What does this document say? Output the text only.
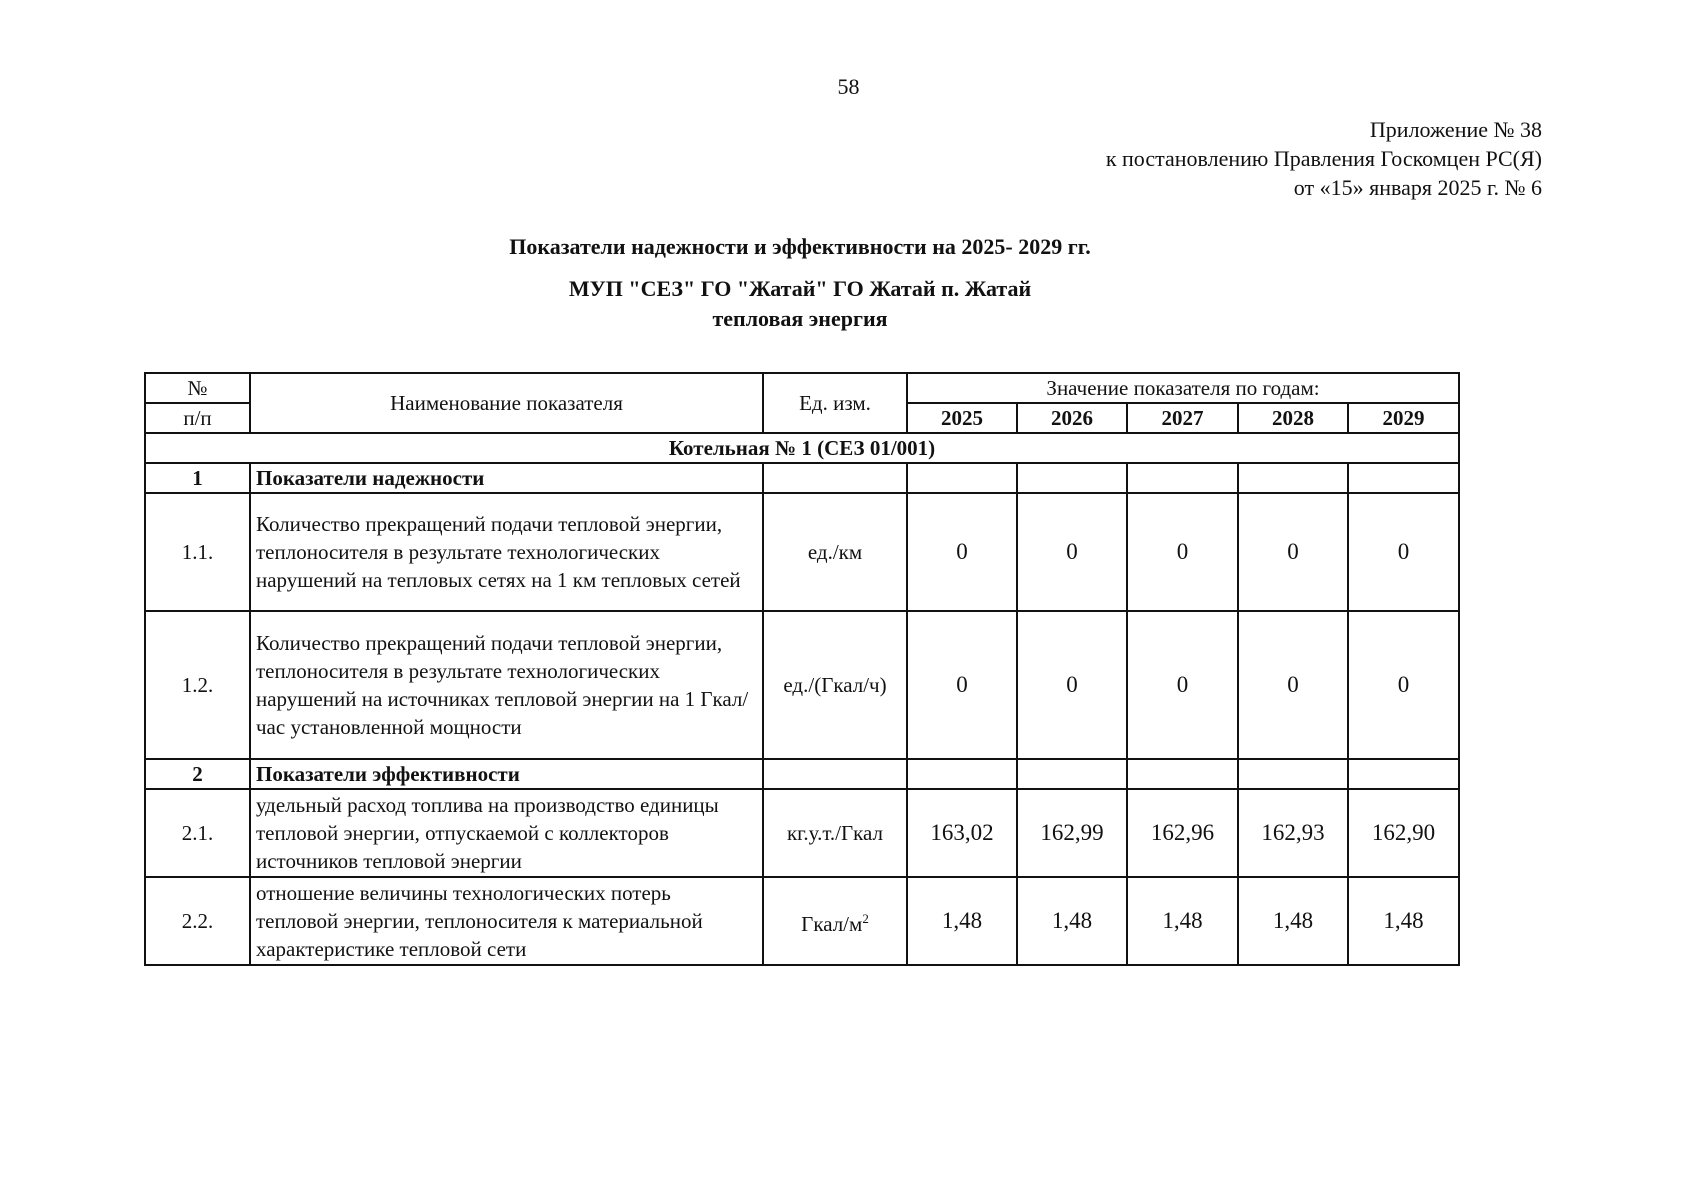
58
Приложение № 38
к постановлению Правления Госкомцен РС(Я)
от «15» января 2025 г. № 6
Показатели надежности и эффективности на 2025- 2029 гг.
МУП "СЕЗ" ГО "Жатай" ГО Жатай п. Жатай
тепловая энергия
№	Наименование показателя	Ед. изм.	Значение показателя по годам:				
п/п			2025	2026	2027	2028	2029
Котельная № 1 (СЕЗ 01/001)							
1	Показатели надежности						
1.1.	Количество прекращений подачи тепловой энергии, теплоносителя в результате технологических нарушений на тепловых сетях на 1 км тепловых сетей	ед./км	0	0	0	0	0
1.2.	Количество прекращений подачи тепловой энергии, теплоносителя в результате технологических нарушений на источниках тепловой энергии на 1 Гкал/час установленной мощности	ед./(Гкал/ч)	0	0	0	0	0
2	Показатели эффективности						
2.1.	удельный расход топлива на производство единицы тепловой энергии, отпускаемой с коллекторов источников тепловой энергии	кг.у.т./Гкал	163,02	162,99	162,96	162,93	162,90
2.2.	отношение величины технологических потерь тепловой энергии, теплоносителя к материальной характеристике тепловой сети	Гкал/$м^2$	1,48	1,48	1,48	1,48	1,48
